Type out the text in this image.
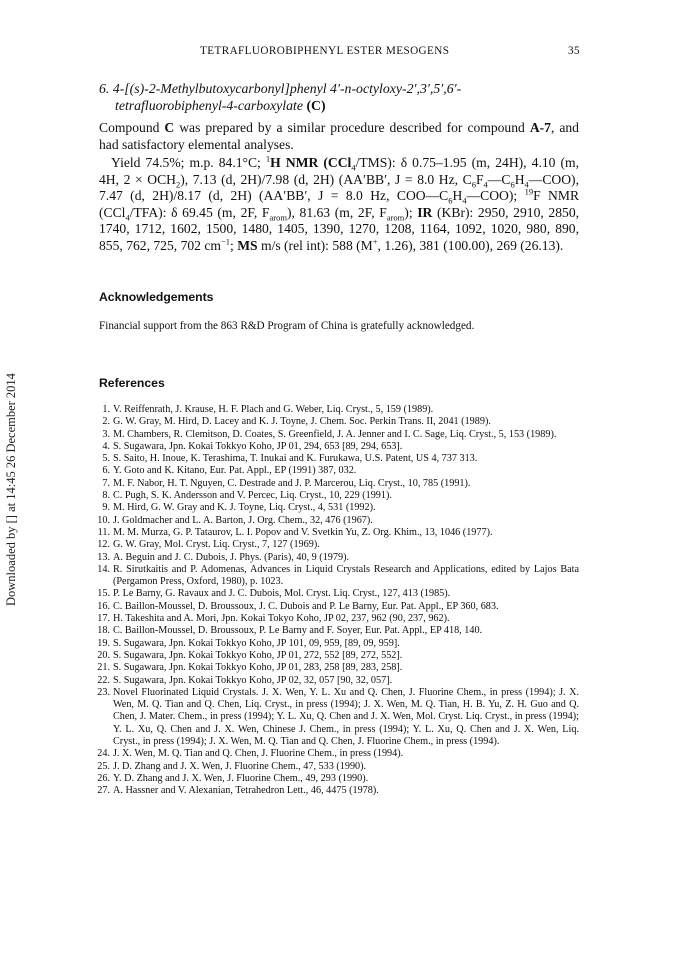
TETRAFLUOROBIPHENYL ESTER MESOGENS	35
Downloaded by [] at 14:45 26 December 2014
6. 4-[(s)-2-Methylbutoxycarbonyl]phenyl 4′-n-octyloxy-2′,3′,5′,6′-
tetrafluorobiphenyl-4-carboxylate (C)
Compound C was prepared by a similar procedure described for compound A-7, and had satisfactory elemental analyses.
Yield 74.5%; m.p. 84.1°C; $^1$H NMR (CCl$_4$/TMS): δ 0.75–1.95 (m, 24H), 4.10 (m, 4H, $2 \times OCH_2$), 7.13 (d, 2H)/7.98 (d, 2H) (AA′BB′, J = 8.0 Hz, $C_6F_4—C_6H_4—COO$), 7.47 (d, 2H)/8.17 (d, 2H) (AA′BB′, J = 8.0 Hz, $COO—C_6H_4—COO$); $^{19}$F NMR (CCl$_4$/TFA): δ 69.45 (m, 2F, $F_{arom}$), 81.63 (m, 2F, $F_{arom}$); IR (KBr): 2950, 2910, 2850, 1740, 1712, 1602, 1500, 1480, 1405, 1390, 1270, 1208, 1164, 1092, 1020, 980, 890, 855, 762, 725, 702 $cm^{-1}$; MS m/s (rel int): 588 (M+, 1.26), 381 (100.00), 269 (26.13).
Acknowledgements
Financial support from the 863 R&D Program of China is gratefully acknowledged.
References
1. V. Reiffenrath, J. Krause, H. F. Plach and G. Weber, Liq. Cryst., 5, 159 (1989).
2. G. W. Gray, M. Hird, D. Lacey and K. J. Toyne, J. Chem. Soc. Perkin Trans. II, 2041 (1989).
3. M. Chambers, R. Clemitson, D. Coates, S. Greenfield, J. A. Jenner and I. C. Sage, Liq. Cryst., 5, 153 (1989).
4. S. Sugawara, Jpn. Kokai Tokkyo Koho, JP 01, 294, 653 [89, 294, 653].
5. S. Saito, H. Inoue, K. Terashima, T. Inukai and K. Furukawa, U.S. Patent, US 4, 737 313.
6. Y. Goto and K. Kitano, Eur. Pat. Appl., EP (1991) 387, 032.
7. M. F. Nabor, H. T. Nguyen, C. Destrade and J. P. Marcerou, Liq. Cryst., 10, 785 (1991).
8. C. Pugh, S. K. Andersson and V. Percec, Liq. Cryst., 10, 229 (1991).
9. M. Hird, G. W. Gray and K. J. Toyne, Liq. Cryst., 4, 531 (1992).
10. J. Goldmacher and L. A. Barton, J. Org. Chem., 32, 476 (1967).
11. M. M. Murza, G. P. Tataurov, L. I. Popov and V. Svetkin Yu, Z. Org. Khim., 13, 1046 (1977).
12. G. W. Gray, Mol. Cryst. Liq. Cryst., 7, 127 (1969).
13. A. Beguin and J. C. Dubois, J. Phys. (Paris), 40, 9 (1979).
14. R. Sirutkaitis and P. Adomenas, Advances in Liquid Crystals Research and Applications, edited by Lajos Bata (Pergamon Press, Oxford, 1980), p. 1023.
15. P. Le Barny, G. Ravaux and J. C. Dubois, Mol. Cryst. Liq. Cryst., 127, 413 (1985).
16. C. Baillon-Moussel, D. Broussoux, J. C. Dubois and P. Le Barny, Eur. Pat. Appl., EP 360, 683.
17. H. Takeshita and A. Mori, Jpn. Kokai Tokyo Koho, JP 02, 237, 962 (90, 237, 962).
18. C. Baillon-Moussel, D. Broussoux, P. Le Barny and F. Soyer, Eur. Pat. Appl., EP 418, 140.
19. S. Sugawara, Jpn. Kokai Tokkyo Koho, JP 101, 09, 959, [89, 09, 959].
20. S. Sugawara, Jpn. Kokai Tokkyo Koho, JP 01, 272, 552 [89, 272, 552].
21. S. Sugawara, Jpn. Kokai Tokkyo Koho, JP 01, 283, 258 [89, 283, 258].
22. S. Sugawara, Jpn. Kokai Tokkyo Koho, JP 02, 32, 057 [90, 32, 057].
23. Novel Fluorinated Liquid Crystals. J. X. Wen, Y. L. Xu and Q. Chen, J. Fluorine Chem., in press (1994); J. X. Wen, M. Q. Tian and Q. Chen, Liq. Cryst., in press (1994); J. X. Wen, M. Q. Tian, H. B. Yu, Z. H. Guo and Q. Chen, J. Mater. Chem., in press (1994); Y. L. Xu, Q. Chen and J. X. Wen, Mol. Cryst. Liq. Cryst., in press (1994); Y. L. Xu, Q. Chen and J. X. Wen, Chinese J. Chem., in press (1994); Y. L. Xu, Q. Chen and J. X. Wen, Liq. Cryst., in press (1994); J. X. Wen, M. Q. Tian and Q. Chen, J. Fluorine Chem., in press (1994).
24. J. X. Wen, M. Q. Tian and Q. Chen, J. Fluorine Chem., in press (1994).
25. J. D. Zhang and J. X. Wen, J. Fluorine Chem., 47, 533 (1990).
26. Y. D. Zhang and J. X. Wen, J. Fluorine Chem., 49, 293 (1990).
27. A. Hassner and V. Alexanian, Tetrahedron Lett., 46, 4475 (1978).
